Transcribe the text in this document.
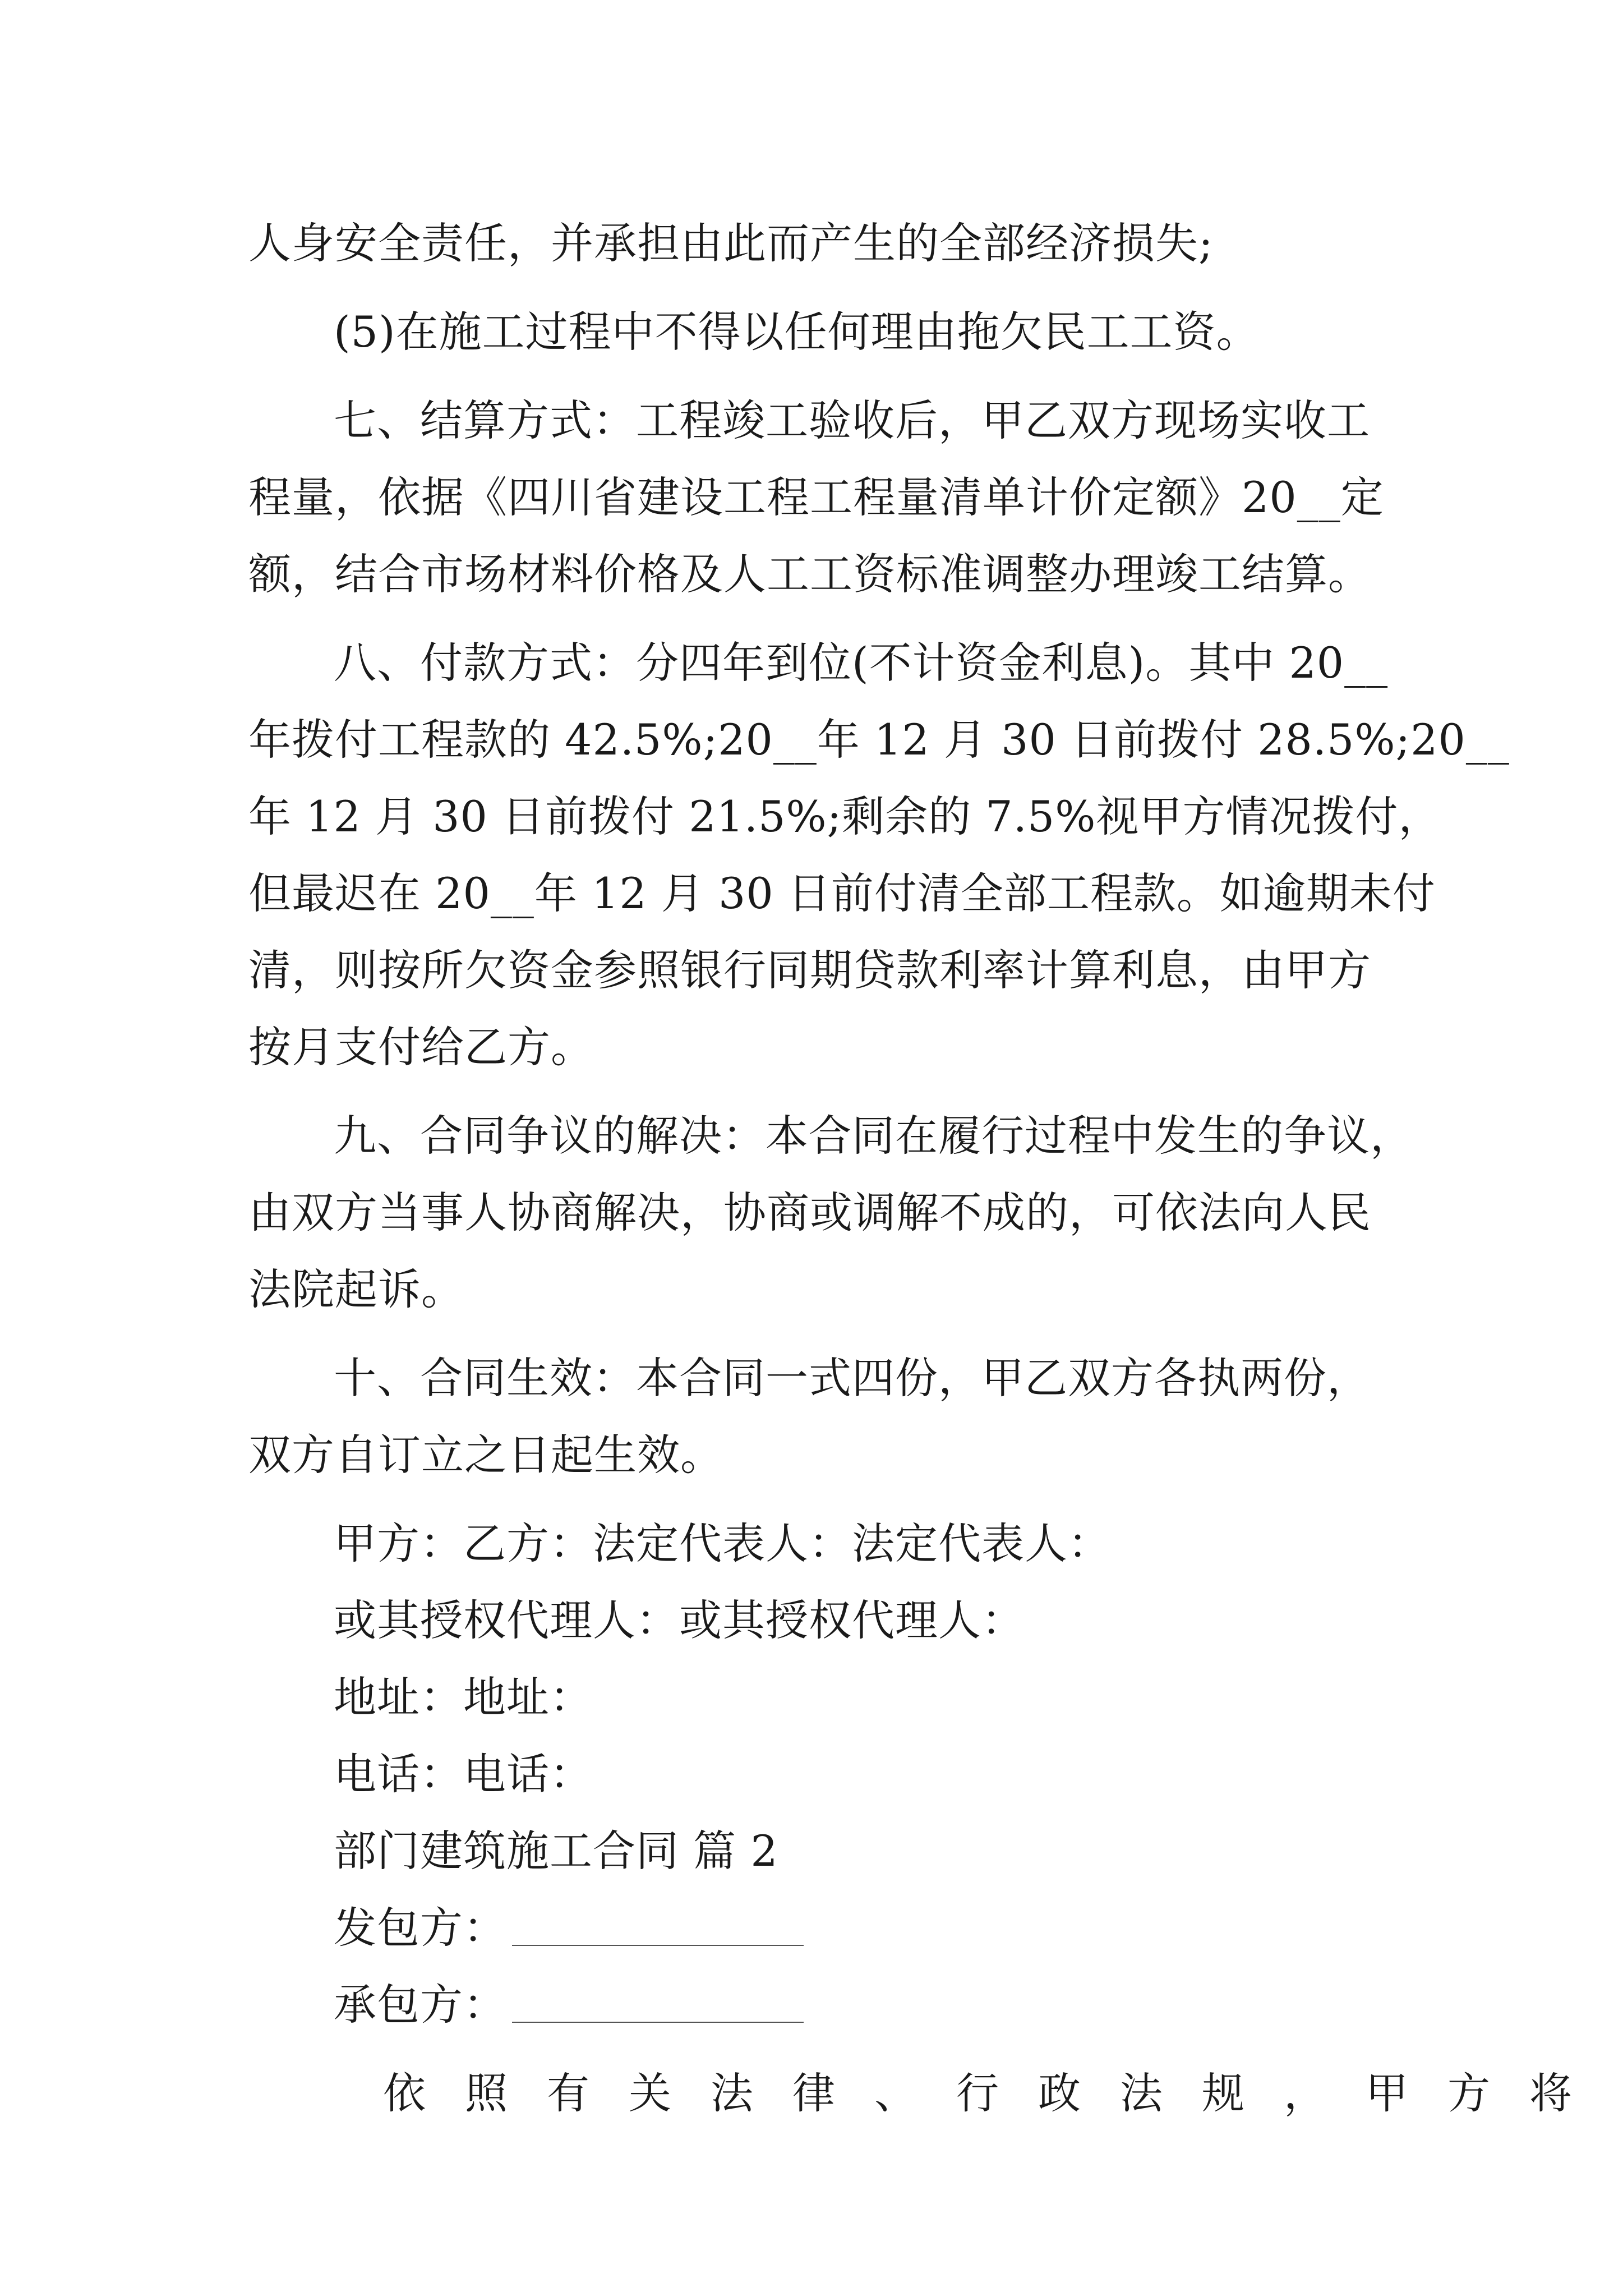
人身安全责任，并承担由此而产生的全部经济损失;
(5)在施工过程中不得以任何理由拖欠民工工资。
七、结算方式：工程竣工验收后，甲乙双方现场实收工
程量，依据《四川省建设工程工程量清单计价定额》20__定
额，结合市场材料价格及人工工资标准调整办理竣工结算。
八、付款方式：分四年到位(不计资金利息)。其中 20__
年拨付工程款的 42.5%;20__年 12 月 30 日前拨付 28.5%;20__
年 12 月 30 日前拨付 21.5%;剩余的 7.5%视甲方情况拨付，
但最迟在 20__年 12 月 30 日前付清全部工程款。如逾期未付
清，则按所欠资金参照银行同期贷款利率计算利息，由甲方
按月支付给乙方。
九、合同争议的解决：本合同在履行过程中发生的争议，
由双方当事人协商解决，协商或调解不成的，可依法向人民
法院起诉。
十、合同生效：本合同一式四份，甲乙双方各执两份，
双方自订立之日起生效。
甲方：乙方：法定代表人：法定代表人：
或其授权代理人：或其授权代理人：
地址：地址：
电话：电话：
部门建筑施工合同 篇 2
发包方：
承包方：
依照有关法律、行政法规，甲方将
